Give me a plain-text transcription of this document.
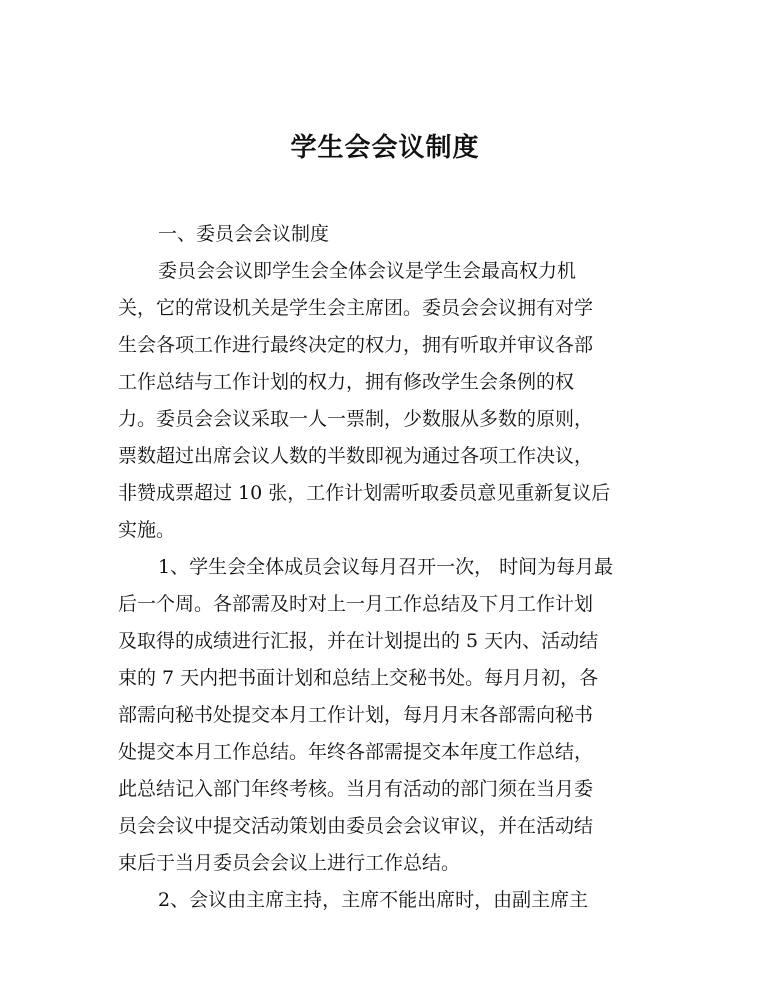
学生会会议制度

一、委员会会议制度

委员会会议即学生会全体会议是学生会最高权力机

关，它的常设机关是学生会主席团。委员会会议拥有对学

生会各项工作进行最终决定的权力，拥有听取并审议各部

工作总结与工作计划的权力，拥有修改学生会条例的权

力。委员会会议采取一人一票制，少数服从多数的原则，

票数超过出席会议人数的半数即视为通过各项工作决议，

非赞成票超过 10 张，工作计划需听取委员意见重新复议后

实施。

1、学生会全体成员会议每月召开一次， 时间为每月最

后一个周。各部需及时对上一月工作总结及下月工作计划

及取得的成绩进行汇报，并在计划提出的 5 天内、活动结

束的 7 天内把书面计划和总结上交秘书处。每月月初，各

部需向秘书处提交本月工作计划，每月月末各部需向秘书

处提交本月工作总结。年终各部需提交本年度工作总结，

此总结记入部门年终考核。当月有活动的部门须在当月委

员会会议中提交活动策划由委员会会议审议，并在活动结

束后于当月委员会会议上进行工作总结。

2、会议由主席主持，主席不能出席时，由副主席主
